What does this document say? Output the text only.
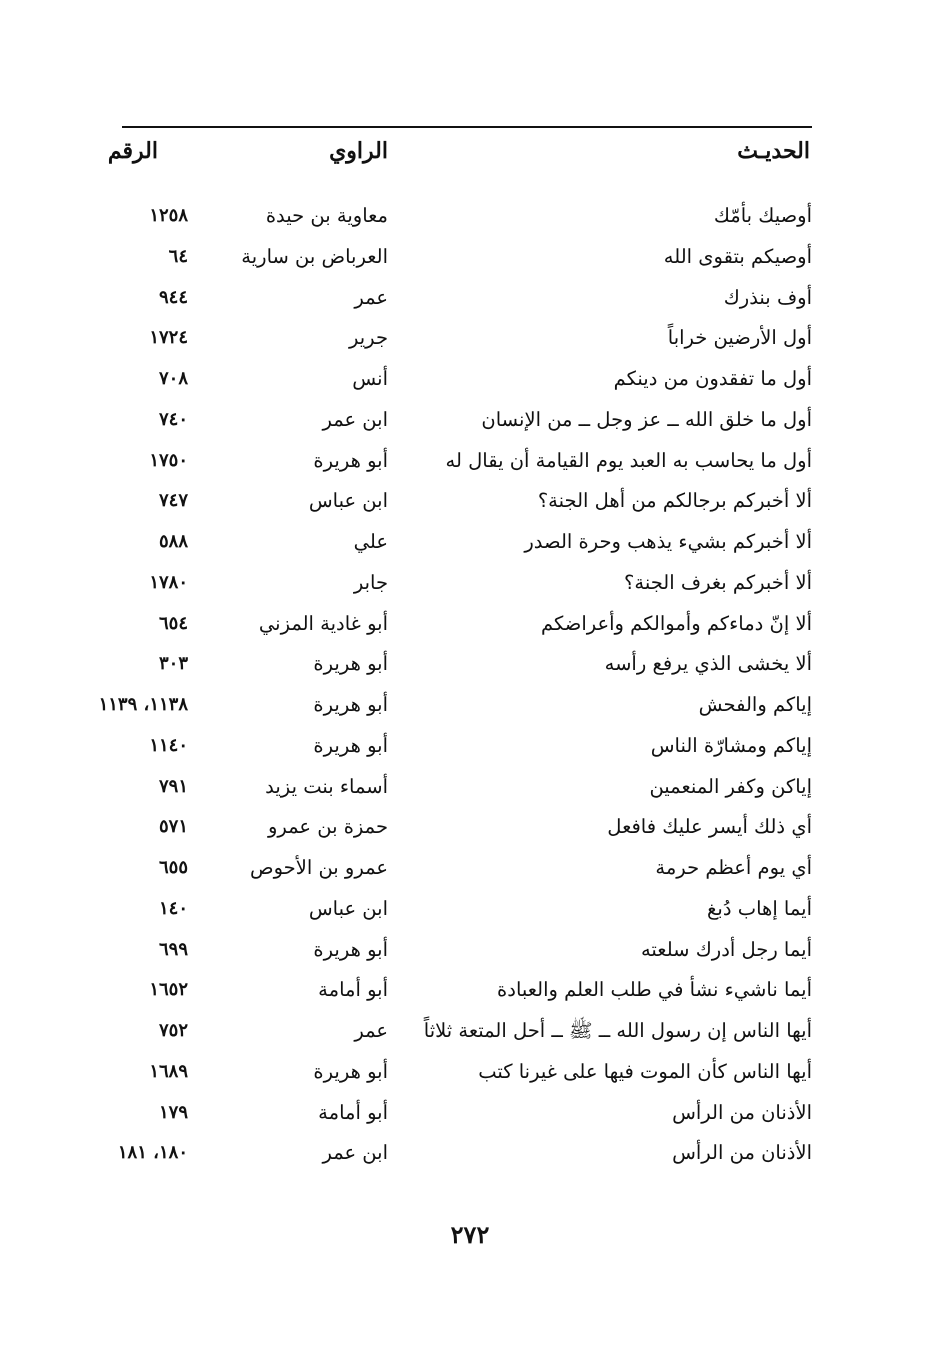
الحديـث
الراوي
الرقم
أوصيك بأمّك
معاوية بن حيدة
١٢٥٨
أوصيكم بتقوى الله
العرباض بن سارية
٦٤
أوف بنذرك
عمر
٩٤٤
أول الأرضين خراباً
جرير
١٧٢٤
أول ما تفقدون من دينكم
أنس
٧٠٨
أول ما خلق الله ــ عز وجل ــ من الإنسان
ابن عمر
٧٤٠
أول ما يحاسب به العبد يوم القيامة أن يقال له
أبو هريرة
١٧٥٠
ألا أخبركم برجالكم من أهل الجنة؟
ابن عباس
٧٤٧
ألا أخبركم بشيء يذهب وحرة الصدر
علي
٥٨٨
ألا أخبركم بغرف الجنة؟
جابر
١٧٨٠
ألا إنّ دماءكم وأموالكم وأعراضكم
أبو غادية المزني
٦٥٤
ألا يخشى الذي يرفع رأسه
أبو هريرة
٣٠٣
إياكم والفحش
أبو هريرة
١١٣٨، ١١٣٩
إياكم ومشارّة الناس
أبو هريرة
١١٤٠
إياكن وكفر المنعمين
أسماء بنت يزيد
٧٩١
أي ذلك أيسر عليك فافعل
حمزة بن عمرو
٥٧١
أي يوم أعظم حرمة
عمرو بن الأحوص
٦٥٥
أيما إهاب دُبغ
ابن عباس
١٤٠
أيما رجل أدرك سلعته
أبو هريرة
٦٩٩
أيما ناشيء نشأ في طلب العلم والعبادة
أبو أمامة
١٦٥٢
أيها الناس إن رسول الله ــ ﷺ ــ أحل المتعة ثلاثاً
عمر
٧٥٢
أيها الناس كأن الموت فيها على غيرنا كتب
أبو هريرة
١٦٨٩
الأذنان من الرأس
أبو أمامة
١٧٩
الأذنان من الرأس
ابن عمر
١٨٠، ١٨١
٢٧٢
